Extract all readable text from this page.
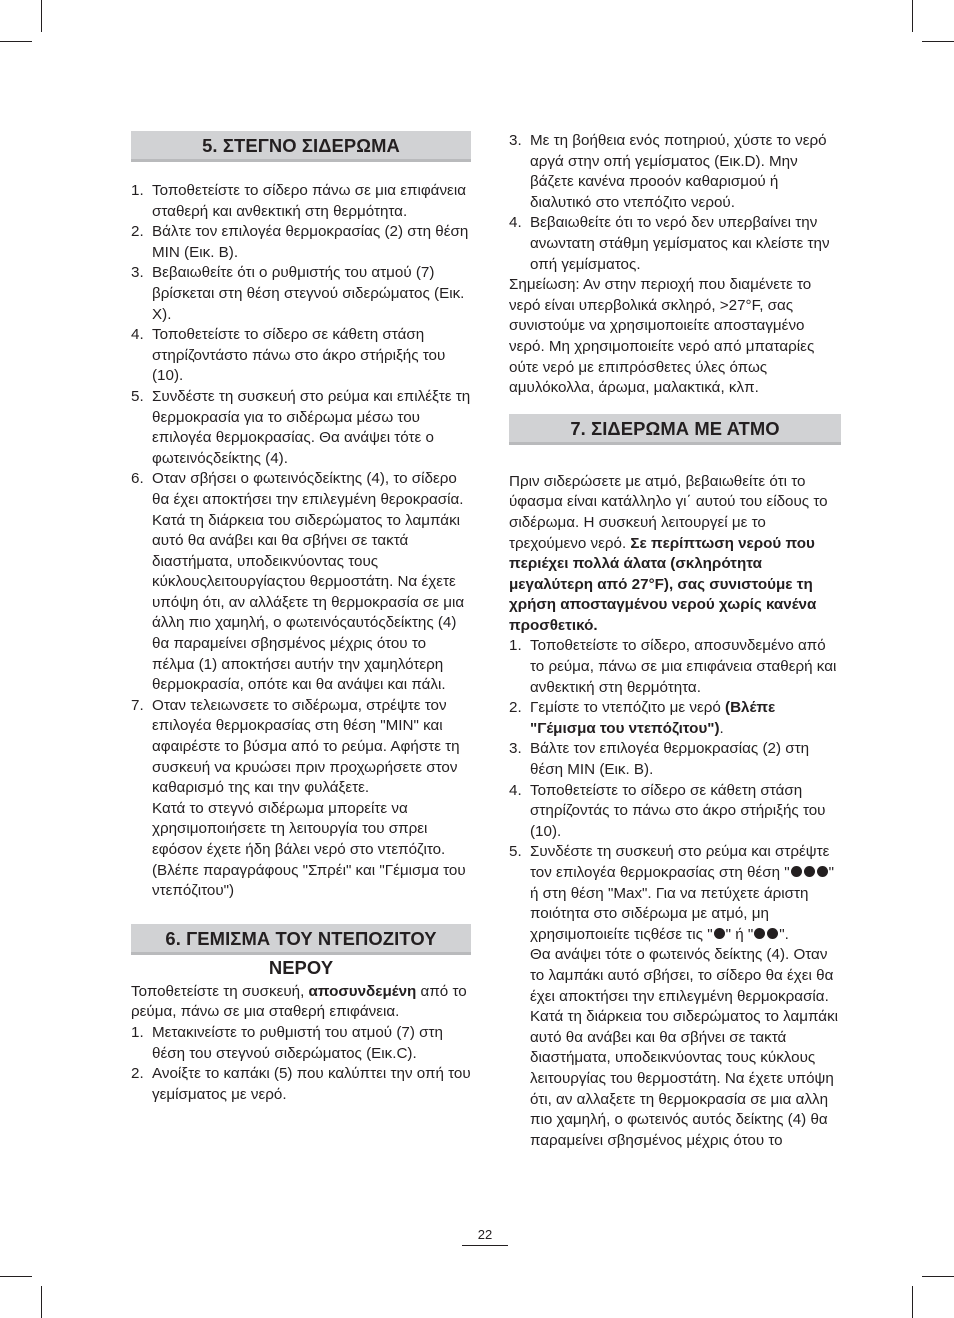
5. ΣΤΕΓΝΟ ΣΙΔΕΡΩΜΑ
1. Τοποθετείστε το σίδερο πάνω σε μια επιφάνεια σταθερή και ανθεκτική στη θερμότητα.
2. Βάλτε τον επιλογέα θερμοκρασίας (2) στη θέση MIN (Εικ. B).
3. Βεβαιωθείτε ότι ο ρυθμιστής του ατμού (7) βρίσκεται στη θέση στεγνού σιδερώματος (Εικ. X).
4. Τοποθετείστε το σίδερο σε κάθετη στάση στηρίζοντάστο πάνω στο άκρο στήριξής του (10).
5. Συνδέστε τη συσκευή στο ρεύμα και επιλέξτε τη θερμοκρασία για το σιδέρωμα μέσω του επιλογέα θερμοκρασίας. Θα ανάψει τότε ο φωτεινόςδείκτης (4).
6. Οταν σβήσει ο φωτεινόςδείκτης (4), το σίδερο θα έχει αποκτήσει την επιλεγμένη θεροκρασία.

Κατά τη διάρκεια του σιδερώματος το λαμπάκι αυτό θα ανάβει και θα σβήνει σε τακτά διαστήματα, υποδεικνύοντας τους κύκλουςλειτουργίαςτου θερμοστάτη. Να έχετε υπόψη ότι, αν αλλάξετε τη θερμοκρασία σε μια άλλη πιο χαμηλή, ο φωτεινόςαυτόςδείκτης (4) θα παραμείνει σβησμένος μέχρις ότου το πέλμα (1) αποκτήσει αυτήν την χαμηλότερη θερμοκρασία, οπότε και θα ανάψει και πάλι.

7. Οταν τελειωνσετε το σιδέρωμα, στρέψτε τον επιλογέα θερμοκρασίας στη θέση "MIN" και αφαιρέστε το βύσμα από το ρεύμα. Αφήστε τη συσκευή να κρυώσει πριν προχωρήσετε στον καθαρισμό της και την φυλάξετε.

Κατά το στεγνό σιδέρωμα μπορείτε να χρησιμοποιήσετε τη λειτουργία του σπρει εφόσον έχετε ήδη βάλει νερό στο ντεπόζιτο. (Βλέπε παραγράφους "Σπρέι" και "Γέμισμα του ντεπόζιτου")

6. ΓΕΜΙΣΜΑ ΤΟΥ ΝΤΕΠΟΖΙΤΟΥ ΝΕΡΟΥ

Τοποθετείστε τη συσκευή, αποσυνδεμένη από το ρεύμα, πάνω σε μια σταθερή επιφάνεια.

1. Μετακινείστε το ρυθμιστή του ατμού (7) στη θέση του στεγνού σιδερώματος (Εικ.C).
2. Ανοίξτε το καπάκι (5) που καλύπτει την οπή του γεμίσματος με νερό.
3. Με τη βοήθεια ενός ποτηριού, χύστε το νερό αργά στην οπή γεμίσματος (Εικ.D). Μην βάζετε κανένα προοόν καθαρισμού ή διαλυτικό στο ντεπόζιτο νερού.
4. Βεβαιωθείτε ότι το νερό δεν υπερβαίνει την ανωντατη στάθμη γεμίσματος και κλείστε την οπή γεμίσματος.

Σημείωση: Αν στην περιοχή που διαμένετε το νερό είναι υπερβολικά σκληρό, >27°F, σας συνιστούμε να χρησιμοποιείτε αποσταγμένο νερό. Μη χρησιμοποιείτε νερό από μπαταρίες ούτε νερό με επιπρόσθετες ύλες όπως αμυλόκολλα, άρωμα, μαλακτικά, κλπ.

7. ΣΙΔΕΡΩΜΑ ΜΕ ΑΤΜΟ

Πριν σιδερώσετε με ατμό, βεβαιωθείτε ότι το ύφασμα είναι κατάλληλο γι΄ αυτού του είδους το σιδέρωμα. Η συσκευή λειτουργεί με το τρεχούμενο νερό. Σε περίπτωση νερού που περιέχει πολλά άλατα (σκληρότητα μεγαλύτερη από 27°F), σας συνιστούμε τη χρήση αποσταγμένου νερού χωρίς κανένα προσθετικό.

1. Τοποθετείστε το σίδερο, αποσυνδεμένο από το ρεύμα, πάνω σε μια επιφάνεια σταθερή και ανθεκτική στη θερμότητα.
2. Γεμίστε το ντεπόζιτο με νερό (Βλέπε "Γέμισμα του ντεπόζιτου").
3. Βάλτε τον επιλογέα θερμοκρασίας (2) στη θέση MIN (Εικ. B).
4. Τοποθετείστε το σίδερο σε κάθετη στάση στηρίζοντάς το πάνω στο άκρο στήριξής του (10).
5. Συνδέστε τη συσκευή στο ρεύμα και στρέψτε τον επιλογέα θερμοκρασίας στη θέση "	" ή στη θέση "Max". Για να πετύχετε άριστη ποιότητα στο σιδέρωμα με ατμό, μη χρησιμοποιείτε τιςθέσε τις " " ή " ".

Θα ανάψει τότε ο φωτεινός δείκτης (4). Οταν το λαμπάκι αυτό σβήσει, το σίδερο θα έχει θα έχει αποκτήσει την επιλεγμένη θερμοκρασία. Κατά τη διάρκεια του σιδερώματος το λαμπάκι αυτό θα ανάβει και θα σβήνει σε τακτά διαστήματα, υποδεικνύοντας τους κύκλους λειτουργίας του θερμοστάτη. Να έχετε υπόψη ότι, αν αλλαξετε τη θερμοκρασία σε μια αλλη πιο χαμηλή, ο φωτεινός αυτός δείκτης (4) θα παραμείνει σβησμένος μέχρις ότου το

22
